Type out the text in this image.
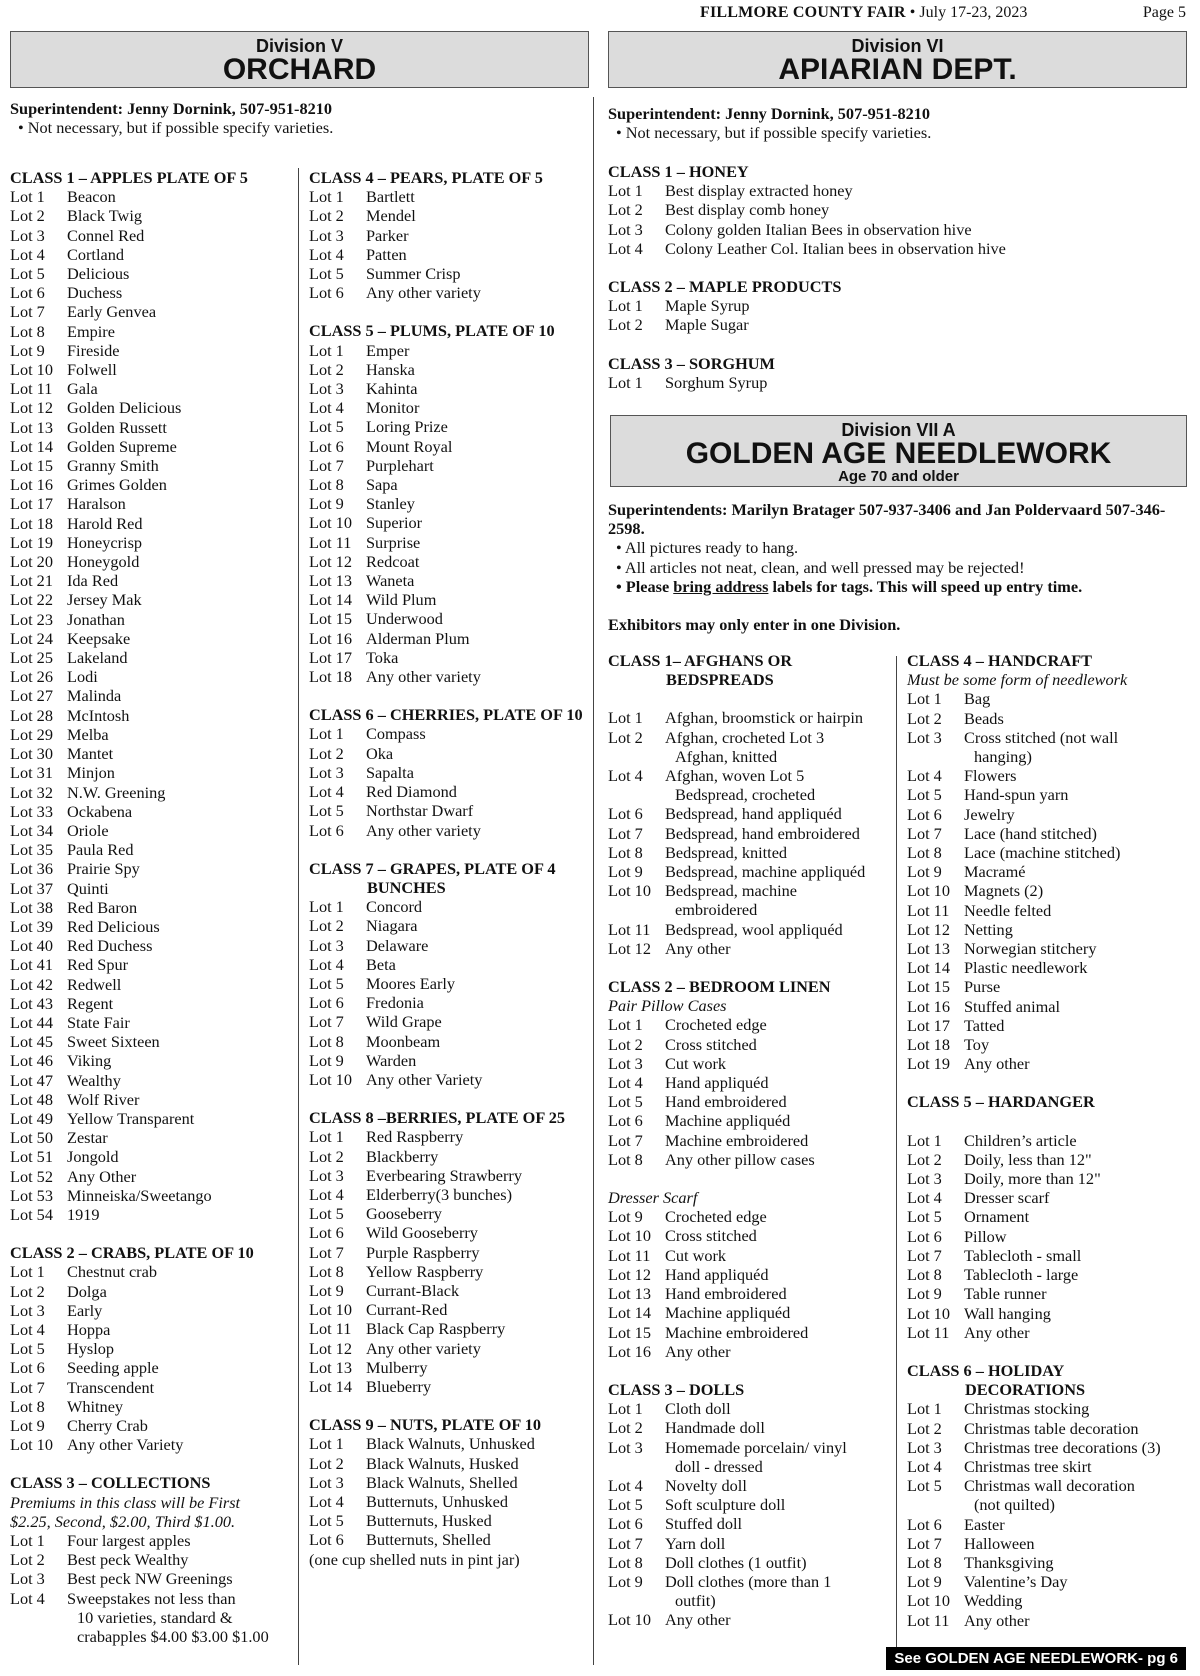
FILLMORE COUNTY FAIR • July 17-23, 2023	Page 5
Division V
ORCHARD
Division VI
APIARIAN DEPT.
Superintendent: Jenny Dornink, 507-951-8210
• Not necessary, but if possible specify varieties.
Superintendent: Jenny Dornink, 507-951-8210
• Not necessary, but if possible specify varieties.
CLASS 1 – APPLES PLATE OF 5
Lot 1	Beacon
Lot 2	Black Twig
Lot 3	Connel Red
Lot 4	Cortland
Lot 5	Delicious
Lot 6	Duchess
Lot 7	Early Genvea
Lot 8	Empire
Lot 9	Fireside
Lot 10 Folwell
Lot 11 Gala
Lot 12 Golden Delicious
Lot 13 Golden Russett
Lot 14 Golden Supreme
Lot 15 Granny Smith
Lot 16 Grimes Golden
Lot 17 Haralson
Lot 18 Harold Red
Lot 19 Honeycrisp
Lot 20 Honeygold
Lot 21 Ida Red
Lot 22 Jersey Mak
Lot 23 Jonathan
Lot 24 Keepsake
Lot 25 Lakeland
Lot 26 Lodi
Lot 27 Malinda
Lot 28 McIntosh
Lot 29 Melba
Lot 30 Mantet
Lot 31 Minjon
Lot 32 N.W. Greening
Lot 33 Ockabena
Lot 34 Oriole
Lot 35 Paula Red
Lot 36 Prairie Spy
Lot 37 Quinti
Lot 38 Red Baron
Lot 39 Red Delicious
Lot 40 Red Duchess
Lot 41 Red Spur
Lot 42 Redwell
Lot 43 Regent
Lot 44 State Fair
Lot 45 Sweet Sixteen
Lot 46 Viking
Lot 47 Wealthy
Lot 48 Wolf River
Lot 49 Yellow Transparent
Lot 50 Zestar
Lot 51 Jongold
Lot 52 Any Other
Lot 53 Minneiska/Sweetango
Lot 54 1919
CLASS 2 – CRABS, PLATE OF 10
Lot 1	Chestnut crab
Lot 2	Dolga
Lot 3	Early
Lot 4	Hoppa
Lot 5	Hyslop
Lot 6	Seeding apple
Lot 7	Transcendent
Lot 8	Whitney
Lot 9	Cherry Crab
Lot 10 Any other Variety
CLASS 3 – COLLECTIONS
Premiums in this class will be First
$2.25, Second, $2.00, Third $1.00.
Lot 1	Four largest apples
Lot 2	Best peck Wealthy
Lot 3	Best peck NW Greenings
Lot 4	Sweepstakes not less than
10 varieties, standard &
crabapples $4.00 $3.00 $1.00
CLASS 4 – PEARS, PLATE OF 5
Lot 1	Bartlett
Lot 2	Mendel
Lot 3	Parker
Lot 4	Patten
Lot 5	Summer Crisp
Lot 6	Any other variety
CLASS 5 – PLUMS, PLATE OF 10
Lot 1	Emper
Lot 2	Hanska
Lot 3	Kahinta
Lot 4	Monitor
Lot 5	Loring Prize
Lot 6	Mount Royal
Lot 7	Purplehart
Lot 8	Sapa
Lot 9	Stanley
Lot 10 Superior
Lot 11 Surprise
Lot 12 Redcoat
Lot 13 Waneta
Lot 14 Wild Plum
Lot 15 Underwood
Lot 16 Alderman Plum
Lot 17 Toka
Lot 18 Any other variety
CLASS 6 – CHERRIES, PLATE OF 10
Lot 1	Compass
Lot 2	Oka
Lot 3	Sapalta
Lot 4	Red Diamond
Lot 5	Northstar Dwarf
Lot 6	Any other variety
CLASS 7 – GRAPES, PLATE OF 4
BUNCHES
Lot 1	Concord
Lot 2	Niagara
Lot 3	Delaware
Lot 4	Beta
Lot 5	Moores Early
Lot 6	Fredonia
Lot 7	Wild Grape
Lot 8	Moonbeam
Lot 9	Warden
Lot 10 Any other Variety
CLASS 8 –BERRIES, PLATE OF 25
Lot 1	Red Raspberry
Lot 2	Blackberry
Lot 3	Everbearing Strawberry
Lot 4	Elderberry(3 bunches)
Lot 5	Gooseberry
Lot 6	Wild Gooseberry
Lot 7	Purple Raspberry
Lot 8	Yellow Raspberry
Lot 9	Currant-Black
Lot 10 Currant-Red
Lot 11 Black Cap Raspberry
Lot 12 Any other variety
Lot 13 Mulberry
Lot 14 Blueberry
CLASS 9 – NUTS, PLATE OF 10
Lot 1	Black Walnuts, Unhusked
Lot 2	Black Walnuts, Husked
Lot 3	Black Walnuts, Shelled
Lot 4	Butternuts, Unhusked
Lot 5	Butternuts, Husked
Lot 6	Butternuts, Shelled
(one cup shelled nuts in pint jar)
CLASS 1 – HONEY
Lot 1	Best display extracted honey
Lot 2	Best display comb honey
Lot 3	Colony golden Italian Bees in observation hive
Lot 4	Colony Leather Col. Italian bees in observation hive
CLASS 2 – MAPLE PRODUCTS
Lot 1	Maple Syrup
Lot 2	Maple Sugar
CLASS 3 – SORGHUM
Lot 1	Sorghum Syrup
Division VII A
GOLDEN AGE NEEDLEWORK
Age 70 and older
Superintendents: Marilyn Bratager 507-937-3406 and Jan Poldervaard 507-346-2598.
• All pictures ready to hang.
• All articles not neat, clean, and well pressed may be rejected!
• Please bring address labels for tags. This will speed up entry time.
Exhibitors may only enter in one Division.
CLASS 1– AFGHANS OR
BEDSPREADS
Lot 1	Afghan, broomstick or hairpin
Lot 2	Afghan, crocheted Lot 3
Afghan, knitted
Lot 4	Afghan, woven Lot 5
Bedspread, crocheted
Lot 6	Bedspread, hand appliquéd
Lot 7	Bedspread, hand embroidered
Lot 8	Bedspread, knitted
Lot 9	Bedspread, machine appliquéd
Lot 10 Bedspread, machine
embroidered
Lot 11 Bedspread, wool appliquéd
Lot 12 Any other
CLASS 2 – BEDROOM LINEN
Pair Pillow Cases
Lot 1	Crocheted edge
Lot 2	Cross stitched
Lot 3	Cut work
Lot 4	Hand appliquéd
Lot 5	Hand embroidered
Lot 6	Machine appliquéd
Lot 7	Machine embroidered
Lot 8	Any other pillow cases
Dresser Scarf
Lot 9	Crocheted edge
Lot 10 Cross stitched
Lot 11 Cut work
Lot 12 Hand appliquéd
Lot 13 Hand embroidered
Lot 14 Machine appliquéd
Lot 15 Machine embroidered
Lot 16 Any other
CLASS 3 – DOLLS
Lot 1	Cloth doll
Lot 2	Handmade doll
Lot 3	Homemade porcelain/ vinyl
doll - dressed
Lot 4	Novelty doll
Lot 5	Soft sculpture doll
Lot 6	Stuffed doll
Lot 7	Yarn doll
Lot 8	Doll clothes (1 outfit)
Lot 9	Doll clothes (more than 1
outfit)
Lot 10 Any other
CLASS 4 – HANDCRAFT
Must be some form of needlework
Lot 1	Bag
Lot 2	Beads
Lot 3	Cross stitched (not wall
hanging)
Lot 4	Flowers
Lot 5	Hand-spun yarn
Lot 6	Jewelry
Lot 7	Lace (hand stitched)
Lot 8	Lace (machine stitched)
Lot 9	Macramé
Lot 10 Magnets (2)
Lot 11 Needle felted
Lot 12 Netting
Lot 13 Norwegian stitchery
Lot 14 Plastic needlework
Lot 15 Purse
Lot 16 Stuffed animal
Lot 17 Tatted
Lot 18 Toy
Lot 19 Any other
CLASS 5 – HARDANGER
Lot 1	Children’s article
Lot 2	Doily, less than 12"
Lot 3	Doily, more than 12"
Lot 4	Dresser scarf
Lot 5	Ornament
Lot 6	Pillow
Lot 7	Tablecloth - small
Lot 8	Tablecloth - large
Lot 9	Table runner
Lot 10 Wall hanging
Lot 11 Any other
CLASS 6 – HOLIDAY
DECORATIONS
Lot 1	Christmas stocking
Lot 2	Christmas table decoration
Lot 3	Christmas tree decorations (3)
Lot 4	Christmas tree skirt
Lot 5	Christmas wall decoration
(not quilted)
Lot 6	Easter
Lot 7	Halloween
Lot 8	Thanksgiving
Lot 9	Valentine’s Day
Lot 10 Wedding
Lot 11 Any other
See GOLDEN AGE NEEDLEWORK- pg 6
